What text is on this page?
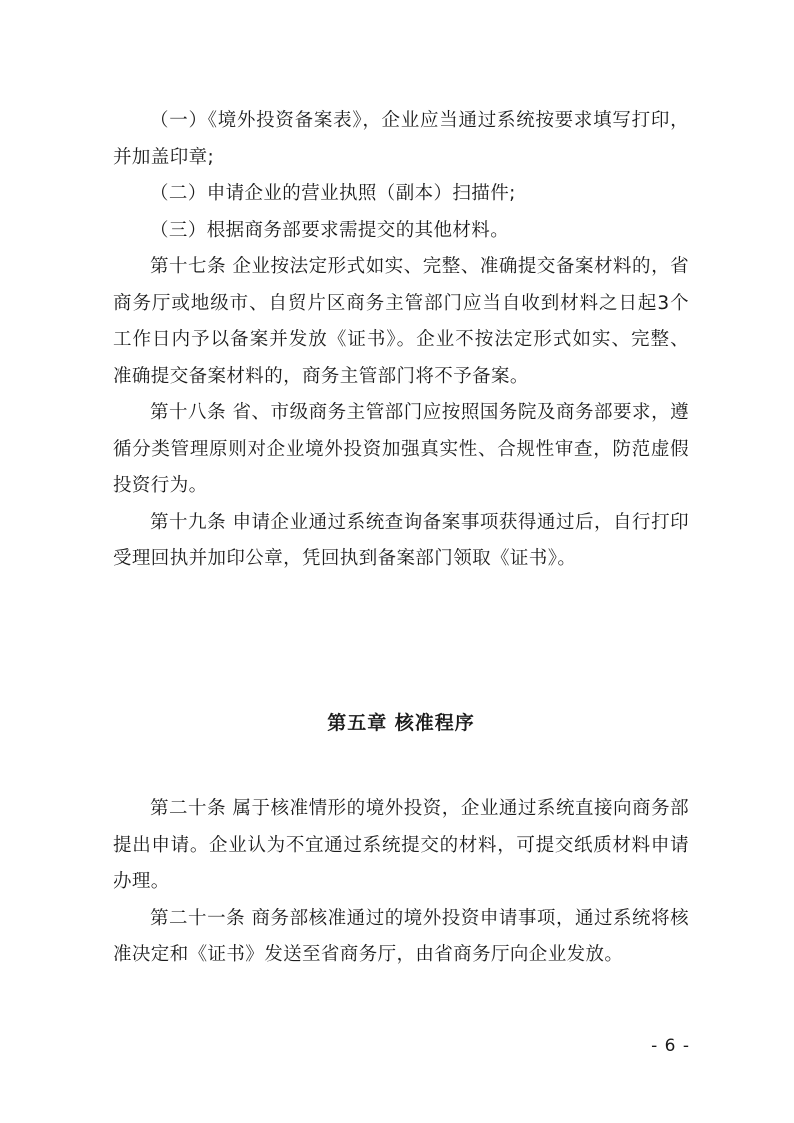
（一）《境外投资备案表》，企业应当通过系统按要求填写打印，并加盖印章;

（二）申请企业的营业执照（副本）扫描件;

（三）根据商务部要求需提交的其他材料。

第十七条 企业按法定形式如实、完整、准确提交备案材料的，省商务厅或地级市、自贸片区商务主管部门应当自收到材料之日起3个工作日内予以备案并发放《证书》。企业不按法定形式如实、完整、准确提交备案材料的，商务主管部门将不予备案。

第十八条 省、市级商务主管部门应按照国务院及商务部要求，遵循分类管理原则对企业境外投资加强真实性、合规性审查，防范虚假投资行为。

第十九条 申请企业通过系统查询备案事项获得通过后，自行打印受理回执并加印公章，凭回执到备案部门领取《证书》。

第五章 核准程序

第二十条 属于核准情形的境外投资，企业通过系统直接向商务部提出申请。企业认为不宜通过系统提交的材料，可提交纸质材料申请办理。

第二十一条 商务部核准通过的境外投资申请事项，通过系统将核准决定和《证书》发送至省商务厅，由省商务厅向企业发放。

- 6 -
